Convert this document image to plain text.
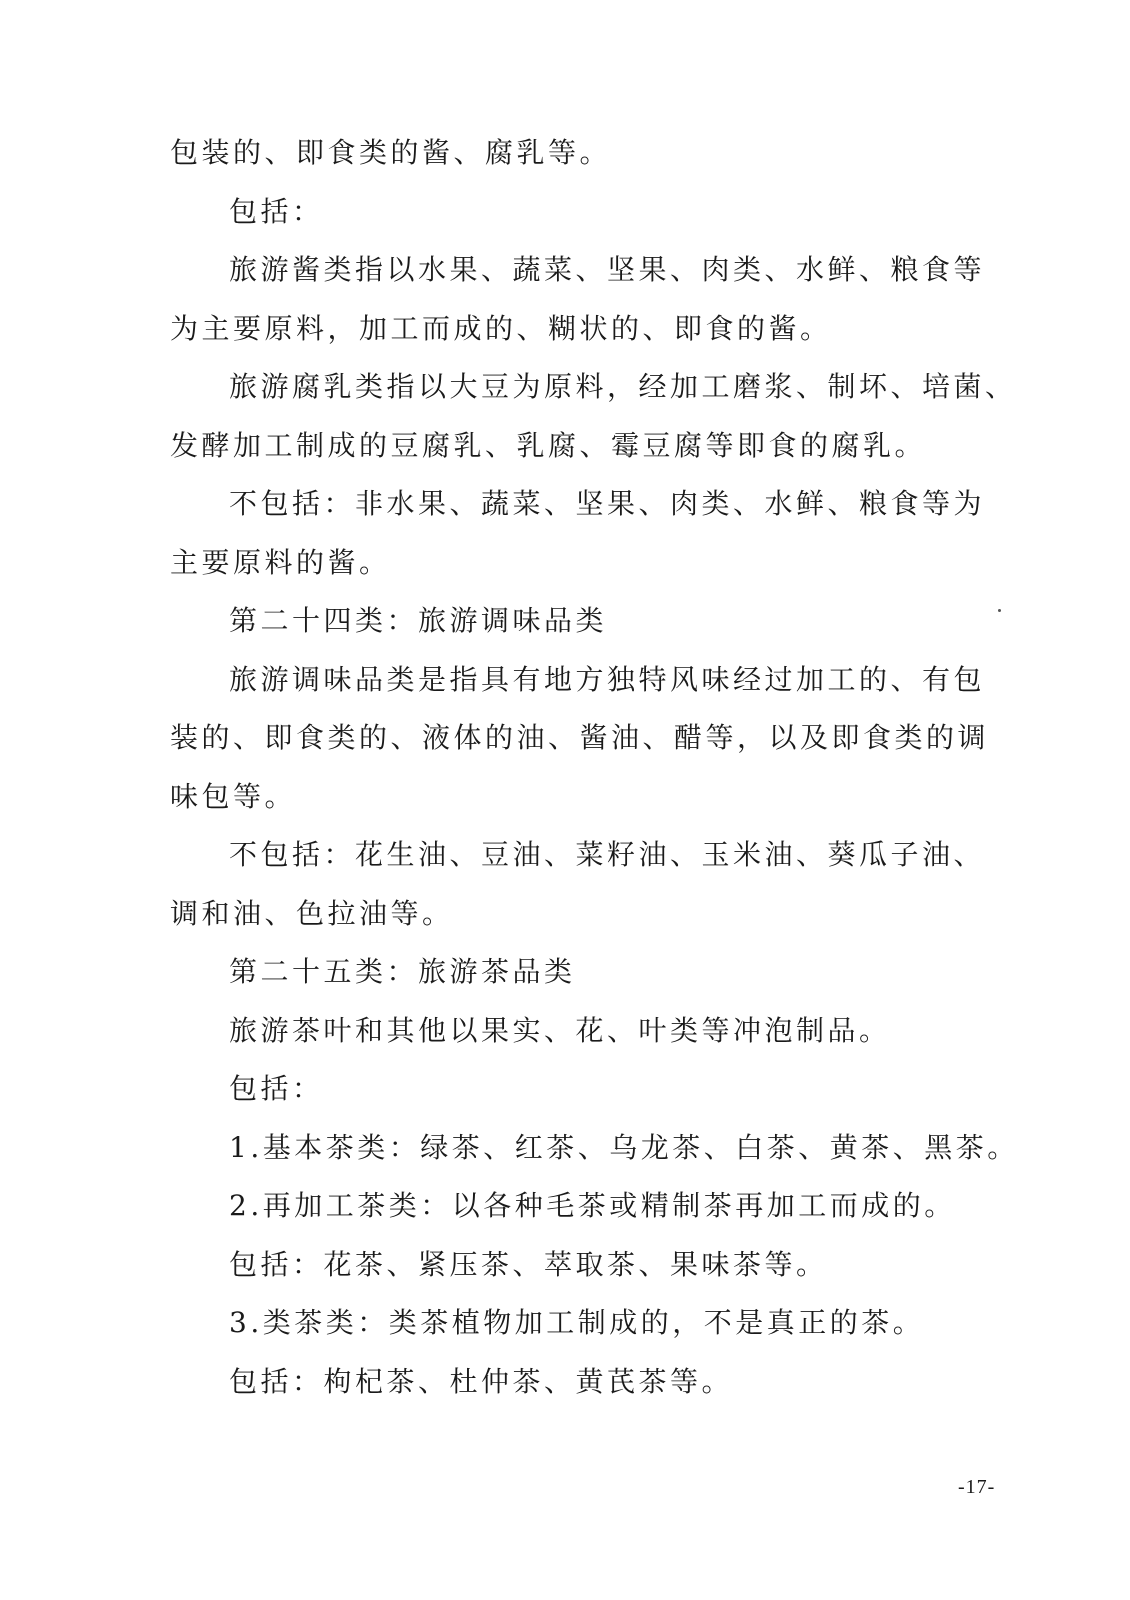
包装的、即食类的酱、腐乳等。
包括：
旅游酱类指以水果、蔬菜、坚果、肉类、水鲜、粮食等
为主要原料，加工而成的、糊状的、即食的酱。
旅游腐乳类指以大豆为原料，经加工磨浆、制坏、培菌、
发酵加工制成的豆腐乳、乳腐、霉豆腐等即食的腐乳。
不包括：非水果、蔬菜、坚果、肉类、水鲜、粮食等为
主要原料的酱。
第二十四类：旅游调味品类
旅游调味品类是指具有地方独特风味经过加工的、有包
装的、即食类的、液体的油、酱油、醋等，以及即食类的调
味包等。
不包括：花生油、豆油、菜籽油、玉米油、葵瓜子油、
调和油、色拉油等。
第二十五类：旅游茶品类
旅游茶叶和其他以果实、花、叶类等冲泡制品。
包括：
1.基本茶类：绿茶、红茶、乌龙茶、白茶、黄茶、黑茶。
2.再加工茶类：以各种毛茶或精制茶再加工而成的。
包括：花茶、紧压茶、萃取茶、果味茶等。
3.类茶类：类茶植物加工制成的，不是真正的茶。
包括：枸杞茶、杜仲茶、黄芪茶等。
-17-
